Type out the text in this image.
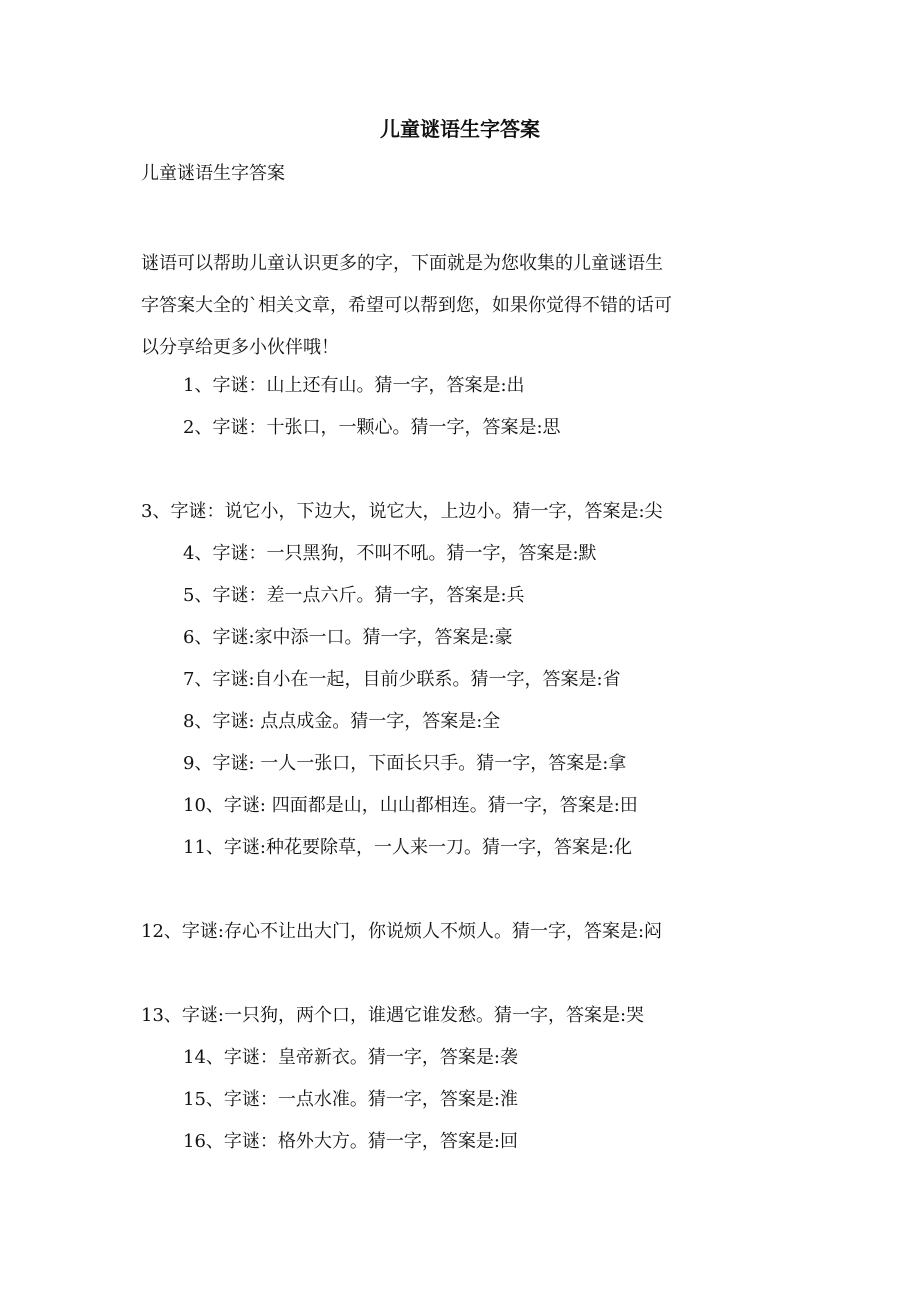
儿童谜语生字答案

儿童谜语生字答案

谜语可以帮助儿童认识更多的字，下面就是为您收集的儿童谜语生
字答案大全的`相关文章，希望可以帮到您，如果你觉得不错的话可
以分享给更多小伙伴哦！

1、字谜：山上还有山。猜一字，答案是:出

2、字谜：十张口，一颗心。猜一字，答案是:思

3、字谜：说它小，下边大，说它大，上边小。猜一字，答案是:尖

4、字谜：一只黑狗，不叫不吼。猜一字，答案是:默

5、字谜：差一点六斤。猜一字，答案是:兵

6、字谜:家中添一口。猜一字，答案是:豪

7、字谜:自小在一起，目前少联系。猜一字，答案是:省

8、字谜: 点点成金。猜一字，答案是:全

9、字谜: 一人一张口，下面长只手。猜一字，答案是:拿

10、字谜: 四面都是山，山山都相连。猜一字，答案是:田

11、字谜:种花要除草，一人来一刀。猜一字，答案是:化

12、字谜:存心不让出大门，你说烦人不烦人。猜一字，答案是:闷

13、字谜:一只狗，两个口，谁遇它谁发愁。猜一字，答案是:哭

14、字谜：皇帝新衣。猜一字，答案是:袭

15、字谜：一点水准。猜一字，答案是:淮

16、字谜：格外大方。猜一字，答案是:回
